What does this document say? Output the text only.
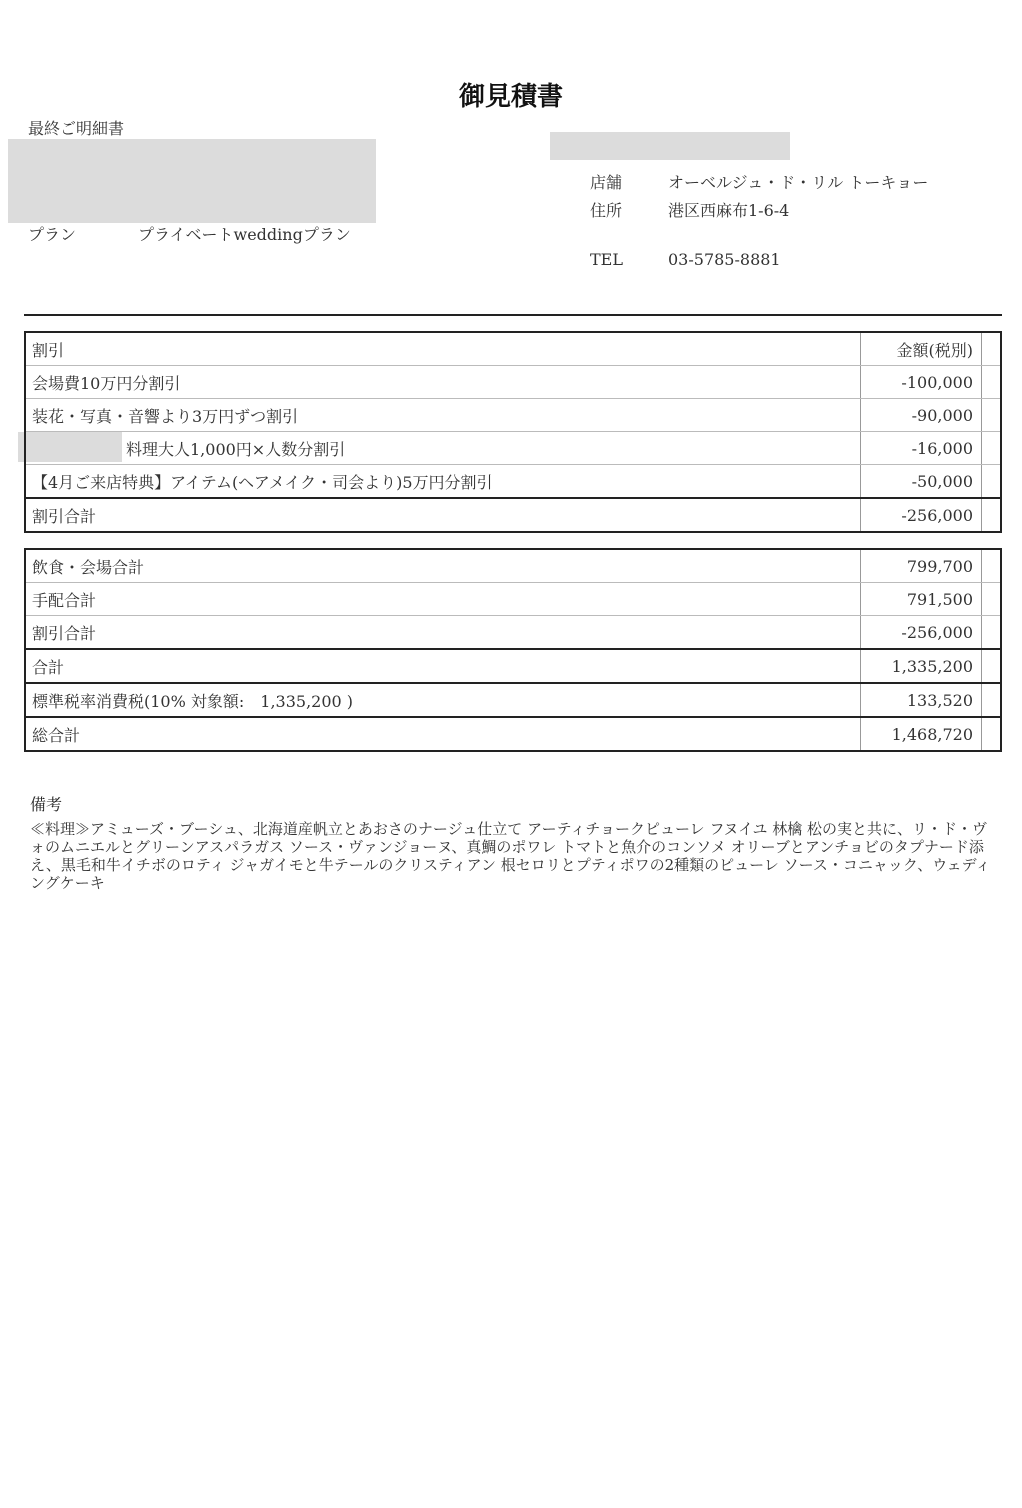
御見積書
最終ご明細書
プラン	プライベートweddingプラン
店舗	オーベルジュ・ド・リル トーキョー
住所	港区西麻布1-6-4
TEL	03-5785-8881
割引	金額(税別)	
会場費10万円分割引	-100,000	
装花・写真・音響より3万円ずつ割引	-90,000	
料理大人1,000円×人数分割引	-16,000	
【4月ご来店特典】アイテム(ヘアメイク・司会より)5万円分割引	-50,000	
割引合計	-256,000	
飲食・会場合計	799,700	
手配合計	791,500	
割引合計	-256,000	
合計	1,335,200	
標準税率消費税(10% 対象額:　1,335,200 )	133,520	
総合計	1,468,720	
備考
≪料理≫アミューズ・ブーシュ、北海道産帆立とあおさのナージュ仕立て アーティチョークピューレ フヌイユ 林檎 松の実と共に、リ・ド・ヴォのムニエルとグリーンアスパラガス ソース・ヴァンジョーヌ、真鯛のポワレ トマトと魚介のコンソメ オリーブとアンチョビのタプナード添え、黒毛和牛イチボのロティ ジャガイモと牛テールのクリスティアン 根セロリとプティポワの2種類のピューレ ソース・コニャック、ウェディングケーキ
